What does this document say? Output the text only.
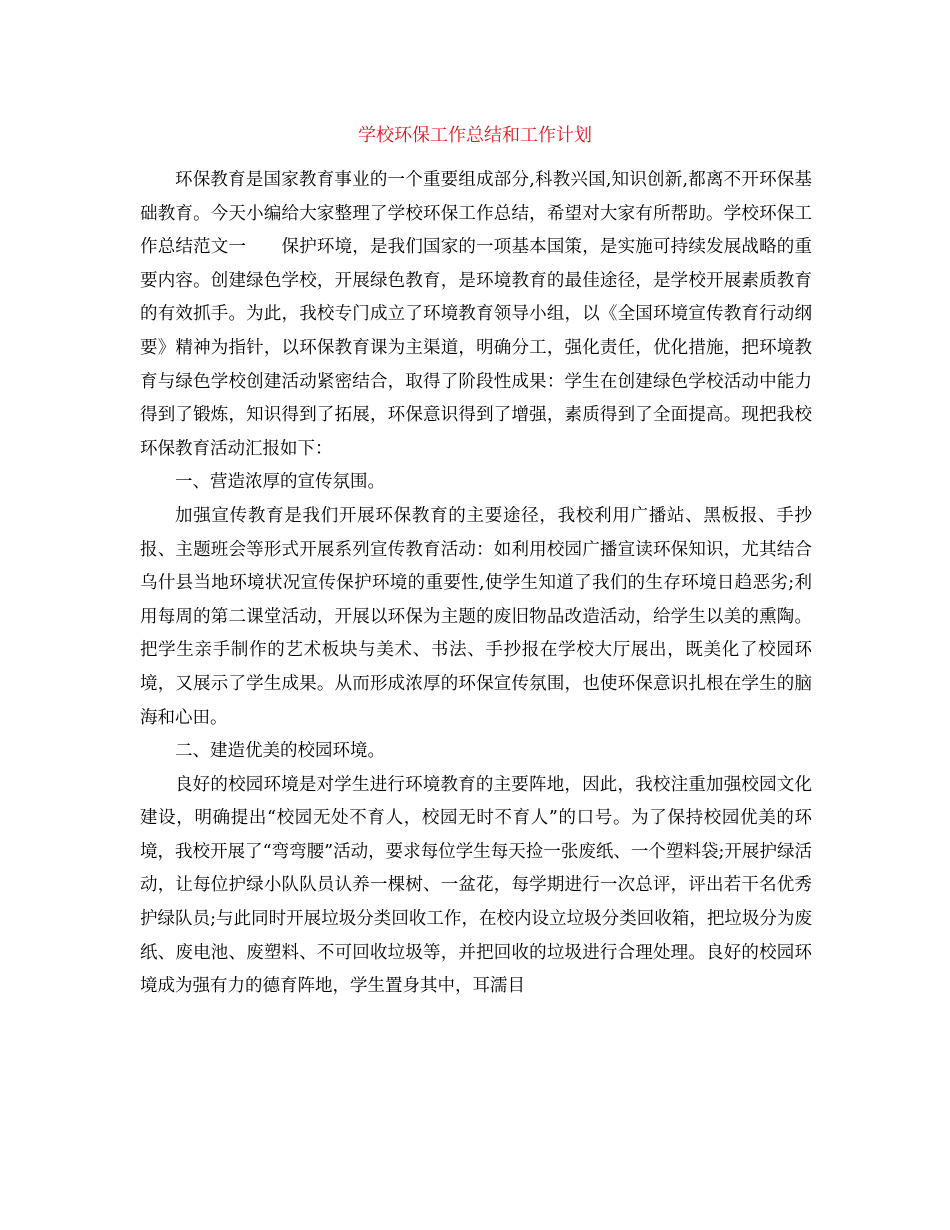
学校环保工作总结和工作计划

环保教育是国家教育事业的一个重要组成部分,科教兴国,知识创新,都离不开环保基础教育。今天小编给大家整理了学校环保工作总结，希望对大家有所帮助。学校环保工作总结范文一　　保护环境，是我们国家的一项基本国策，是实施可持续发展战略的重要内容。创建绿色学校，开展绿色教育，是环境教育的最佳途径，是学校开展素质教育的有效抓手。为此，我校专门成立了环境教育领导小组，以《全国环境宣传教育行动纲要》精神为指针，以环保教育课为主渠道，明确分工，强化责任，优化措施，把环境教育与绿色学校创建活动紧密结合，取得了阶段性成果：学生在创建绿色学校活动中能力得到了锻炼，知识得到了拓展，环保意识得到了增强，素质得到了全面提高。现把我校环保教育活动汇报如下：

一、营造浓厚的宣传氛围。

加强宣传教育是我们开展环保教育的主要途径，我校利用广播站、黑板报、手抄报、主题班会等形式开展系列宣传教育活动：如利用校园广播宣读环保知识，尤其结合乌什县当地环境状况宣传保护环境的重要性,使学生知道了我们的生存环境日趋恶劣;利用每周的第二课堂活动，开展以环保为主题的废旧物品改造活动，给学生以美的熏陶。把学生亲手制作的艺术板块与美术、书法、手抄报在学校大厅展出，既美化了校园环境，又展示了学生成果。从而形成浓厚的环保宣传氛围，也使环保意识扎根在学生的脑海和心田。

二、建造优美的校园环境。

良好的校园环境是对学生进行环境教育的主要阵地，因此，我校注重加强校园文化建设，明确提出“校园无处不育人，校园无时不育人”的口号。为了保持校园优美的环境，我校开展了“弯弯腰”活动，要求每位学生每天捡一张废纸、一个塑料袋;开展护绿活动，让每位护绿小队队员认养一棵树、一盆花，每学期进行一次总评，评出若干名优秀护绿队员;与此同时开展垃圾分类回收工作，在校内设立垃圾分类回收箱，把垃圾分为废纸、废电池、废塑料、不可回收垃圾等，并把回收的垃圾进行合理处理。良好的校园环境成为强有力的德育阵地，学生置身其中，耳濡目
